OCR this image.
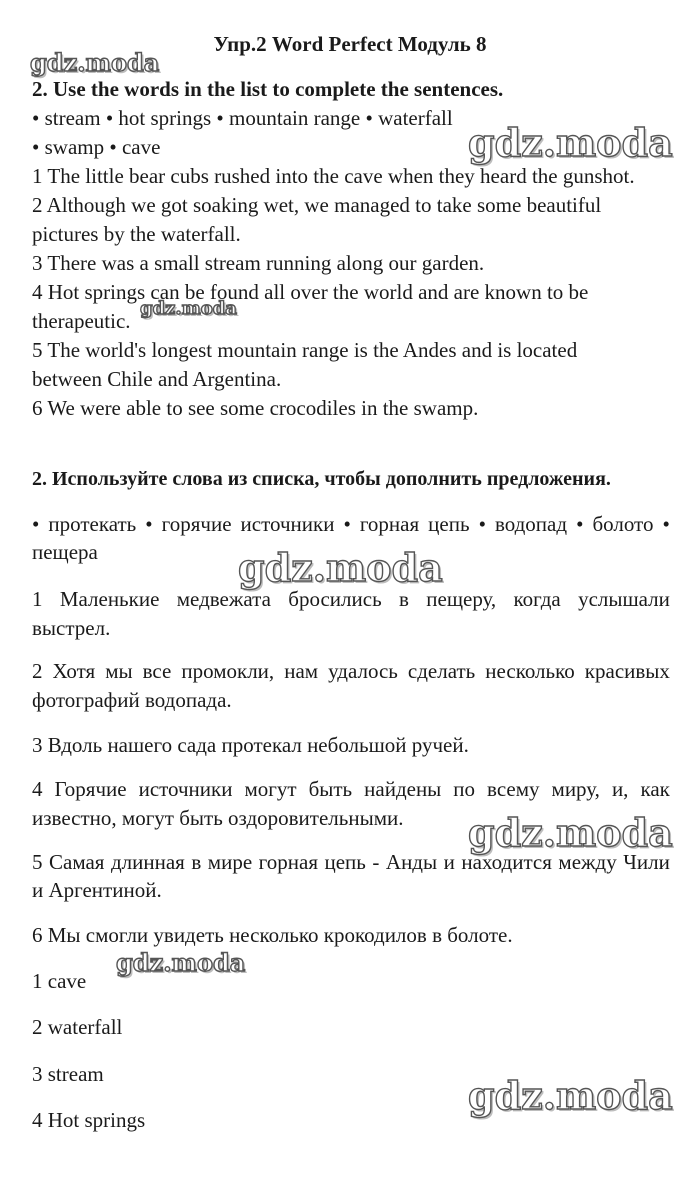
Упр.2 Word Perfect Модуль 8
2. Use the words in the list to complete the sentences.
• stream • hot springs • mountain range • waterfall
• swamp • cave
1 The little bear cubs rushed into the cave when they heard the gunshot.
2 Although we got soaking wet, we managed to take some beautiful
pictures by the waterfall.
3 There was a small stream running along our garden.
4 Hot springs can be found all over the world and are known to be
therapeutic.
5 The world's longest mountain range is the Andes and is located
between Chile and Argentina.
6 We were able to see some crocodiles in the swamp.
2. Используйте слова из списка, чтобы дополнить предложения.
• протекать • горячие источники • горная цепь • водопад • болото •
пещера
1 Маленькие медвежата бросились в пещеру, когда услышали
выстрел.
2 Хотя мы все промокли, нам удалось сделать несколько красивых
фотографий водопада.
3 Вдоль нашего сада протекал небольшой ручей.
4 Горячие источники могут быть найдены по всему миру, и, как
известно, могут быть оздоровительными.
5 Самая длинная в мире горная цепь - Анды и находится между Чили
и Аргентиной.
6 Мы смогли увидеть несколько крокодилов в болоте.
1 cave
2 waterfall
3 stream
4 Hot springs
gdz.moda
gdz.moda
gdz.moda
gdz.moda
gdz.moda
gdz.moda
gdz.moda
